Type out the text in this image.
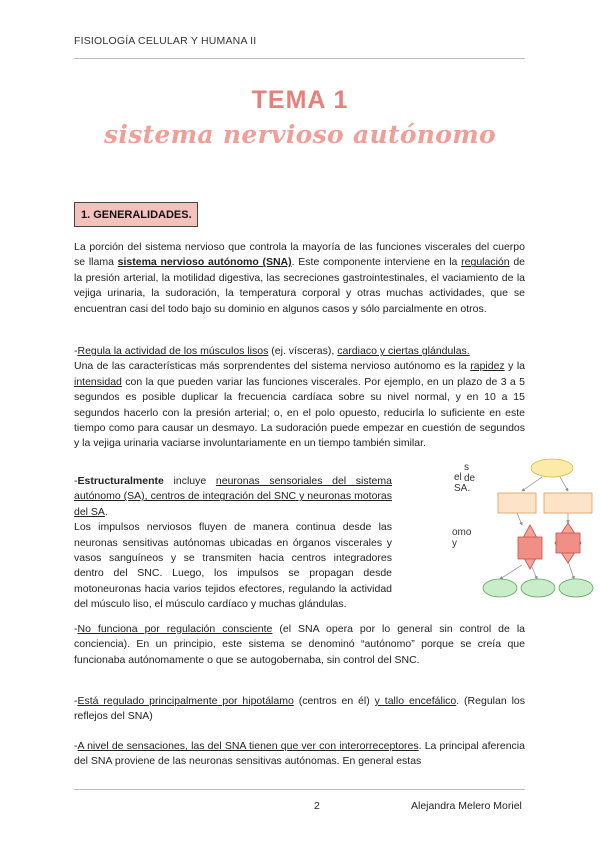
FISIOLOGÍA CELULAR Y HUMANA II
TEMA 1
sistema nervioso autónomo
1. GENERALIDADES.
La porción del sistema nervioso que controla la mayoría de las funciones viscerales del cuerpo se llama sistema nervioso autónomo (SNA). Este componente interviene en la regulación de la presión arterial, la motilidad digestiva, las secreciones gastrointestinales, el vaciamiento de la vejiga urinaria, la sudoración, la temperatura corporal y otras muchas actividades, que se encuentran casi del todo bajo su dominio en algunos casos y sólo parcialmente en otros.
-Regula la actividad de los músculos lisos (ej. vísceras), cardiaco y ciertas glándulas.
Una de las características más sorprendentes del sistema nervioso autónomo es la rapidez y la intensidad con la que pueden variar las funciones viscerales. Por ejemplo, en un plazo de 3 a 5 segundos es posible duplicar la frecuencia cardíaca sobre su nivel normal, y en 10 a 15 segundos hacerlo con la presión arterial; o, en el polo opuesto, reducirla lo suficiente en este tiempo como para causar un desmayo. La sudoración puede empezar en cuestión de segundos y la vejiga urinaria vaciarse involuntariamente en un tiempo también similar.
-Estructuralmente incluye neuronas sensoriales del sistema autónomo (SA), centros de integración del SNC y neuronas motoras del SA.
Los impulsos nerviosos fluyen de manera continua desde las neuronas sensitivas autónomas ubicadas en órganos viscerales y vasos sanguíneos y se transmiten hacia centros integradores dentro del SNC. Luego, los impulsos se propagan desde motoneuronas hacia varios tejidos efectores, regulando la actividad del músculo liso, el músculo cardíaco y muchas glándulas.
s de
el SA.
omo y
-No funciona por regulación consciente (el SNA opera por lo general sin control de la conciencia). En un principio, este sistema se denominó “autónomo” porque se creía que funcionaba autónomamente o que se autogobernaba, sin control del SNC.
-Está regulado principalmente por hipotálamo (centros en él) y tallo encefálico. (Regulan los reflejos del SNA)
-A nivel de sensaciones, las del SNA tienen que ver con interorreceptores. La principal aferencia del SNA proviene de las neuronas sensitivas autónomas. En general estas
2	Alejandra Melero Moriel
